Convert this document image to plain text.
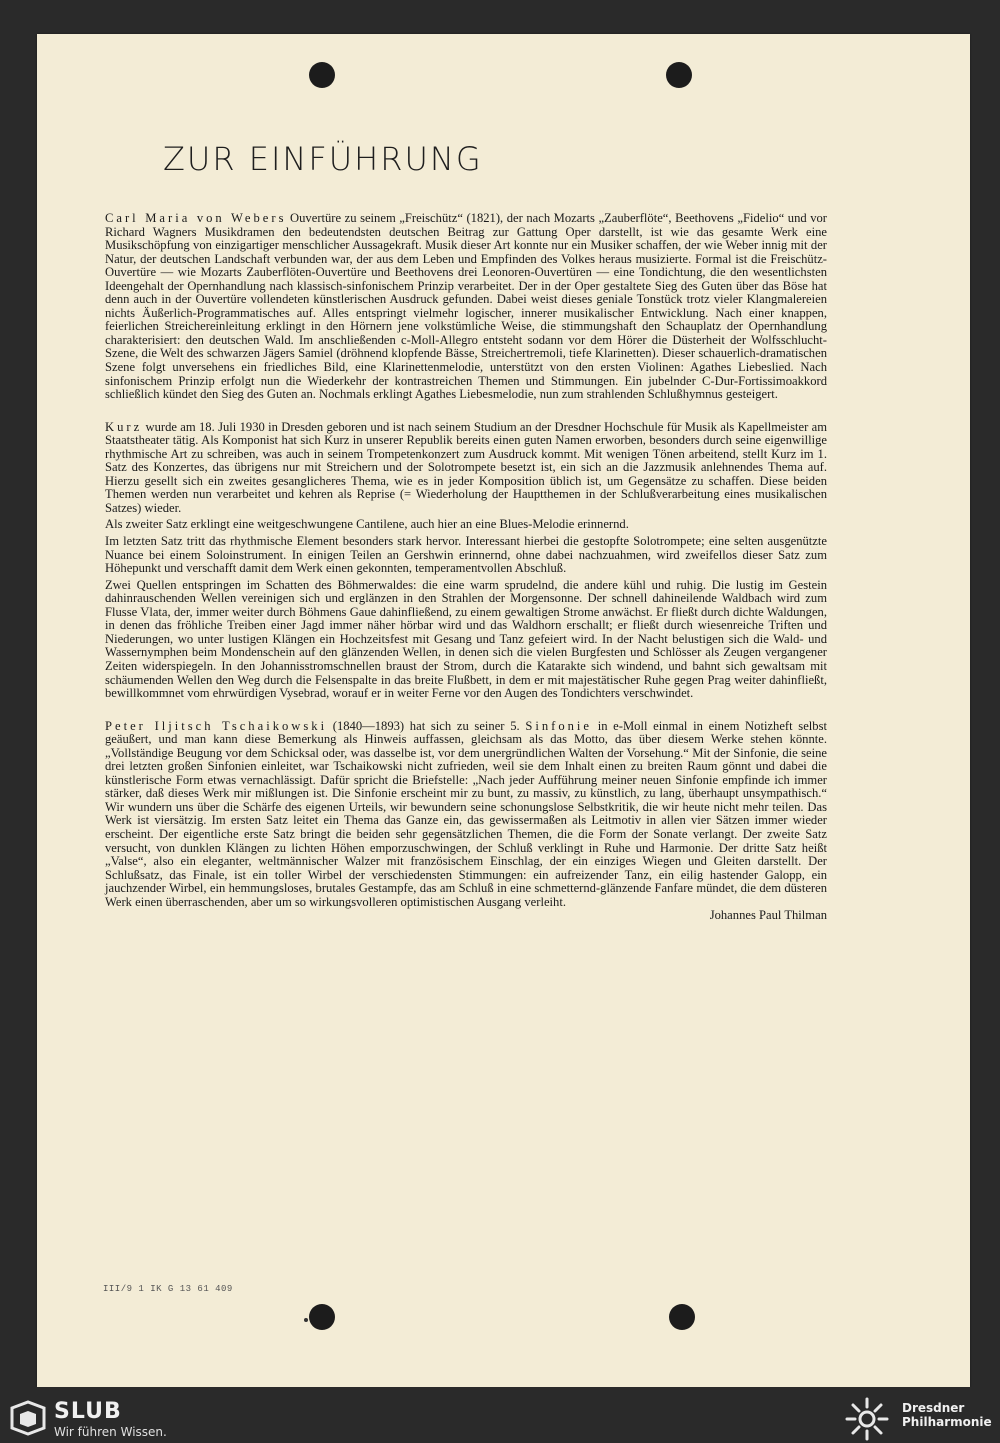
ZUR EINFÜHRUNG

Carl Maria von Webers Ouvertüre zu seinem „Freischütz“ (1821), der nach Mozarts „Zauberflöte“, Beethovens „Fidelio“ und vor Richard Wagners Musikdramen den bedeutendsten deutschen Beitrag zur Gattung Oper darstellt, ist wie das gesamte Werk eine Musikschöpfung von einzigartiger menschlicher Aussagekraft. Musik dieser Art konnte nur ein Musiker schaffen, der wie Weber innig mit der Natur, der deutschen Landschaft verbunden war, der aus dem Leben und Empfinden des Volkes heraus musizierte. Formal ist die Freischütz-Ouvertüre — wie Mozarts Zauberflöten-Ouvertüre und Beethovens drei Leonoren-Ouvertüren — eine Tondichtung, die den wesentlichsten Ideengehalt der Opernhandlung nach klassisch-sinfonischem Prinzip verarbeitet. Der in der Oper gestaltete Sieg des Guten über das Böse hat denn auch in der Ouvertüre vollendeten künstlerischen Ausdruck gefunden. Dabei weist dieses geniale Tonstück trotz vieler Klangmalereien nichts Äußerlich-Programmatisches auf. Alles entspringt vielmehr logischer, innerer musikalischer Entwicklung. Nach einer knappen, feierlichen Streichereinleitung erklingt in den Hörnern jene volkstümliche Weise, die stimmungshaft den Schauplatz der Opernhandlung charakterisiert: den deutschen Wald. Im anschließenden c-Moll-Allegro entsteht sodann vor dem Hörer die Düsterheit der Wolfsschlucht-Szene, die Welt des schwarzen Jägers Samiel (dröhnend klopfende Bässe, Streichertremoli, tiefe Klarinetten). Dieser schauerlich-dramatischen Szene folgt unversehens ein friedliches Bild, eine Klarinettenmelodie, unterstützt von den ersten Violinen: Agathes Liebeslied. Nach sinfonischem Prinzip erfolgt nun die Wiederkehr der kontrastreichen Themen und Stimmungen. Ein jubelnder C-Dur-Fortissimoakkord schließlich kündet den Sieg des Guten an. Nochmals erklingt Agathes Liebesmelodie, nun zum strahlenden Schlußhymnus gesteigert.

Kurz wurde am 18. Juli 1930 in Dresden geboren und ist nach seinem Studium an der Dresdner Hochschule für Musik als Kapellmeister am Staatstheater tätig. Als Komponist hat sich Kurz in unserer Republik bereits einen guten Namen erworben, besonders durch seine eigenwillige rhythmische Art zu schreiben, was auch in seinem Trompetenkonzert zum Ausdruck kommt. Mit wenigen Tönen arbeitend, stellt Kurz im 1. Satz des Konzertes, das übrigens nur mit Streichern und der Solotrompete besetzt ist, ein sich an die Jazzmusik anlehnendes Thema auf. Hierzu gesellt sich ein zweites gesanglicheres Thema, wie es in jeder Komposition üblich ist, um Gegensätze zu schaffen. Diese beiden Themen werden nun verarbeitet und kehren als Reprise (= Wiederholung der Hauptthemen in der Schlußverarbeitung eines musikalischen Satzes) wieder.

Als zweiter Satz erklingt eine weitgeschwungene Cantilene, auch hier an eine Blues-Melodie erinnernd.

Im letzten Satz tritt das rhythmische Element besonders stark hervor. Interessant hierbei die gestopfte Solotrompete; eine selten ausgenützte Nuance bei einem Soloinstrument. In einigen Teilen an Gershwin erinnernd, ohne dabei nachzuahmen, wird zweifellos dieser Satz zum Höhepunkt und verschafft damit dem Werk einen gekonnten, temperamentvollen Abschluß.

Zwei Quellen entspringen im Schatten des Böhmerwaldes: die eine warm sprudelnd, die andere kühl und ruhig. Die lustig im Gestein dahinrauschenden Wellen vereinigen sich und erglänzen in den Strahlen der Morgensonne. Der schnell dahineilende Waldbach wird zum Flusse Vlata, der, immer weiter durch Böhmens Gaue dahinfließend, zu einem gewaltigen Strome anwächst. Er fließt durch dichte Waldungen, in denen das fröhliche Treiben einer Jagd immer näher hörbar wird und das Waldhorn erschallt; er fließt durch wiesenreiche Triften und Niederungen, wo unter lustigen Klängen ein Hochzeitsfest mit Gesang und Tanz gefeiert wird. In der Nacht belustigen sich die Wald- und Wassernymphen beim Mondenschein auf den glänzenden Wellen, in denen sich die vielen Burgfesten und Schlösser als Zeugen vergangener Zeiten widerspiegeln. In den Johannisstromschnellen braust der Strom, durch die Katarakte sich windend, und bahnt sich gewaltsam mit schäumenden Wellen den Weg durch die Felsenspalte in das breite Flußbett, in dem er mit majestätischer Ruhe gegen Prag weiter dahinfließt, bewillkommnet vom ehrwürdigen Vysebrad, worauf er in weiter Ferne vor den Augen des Tondichters verschwindet.

Peter Iljitsch Tschaikowski (1840—1893) hat sich zu seiner 5. Sinfonie in e-Moll einmal in einem Notizheft selbst geäußert, und man kann diese Bemerkung als Hinweis auffassen, gleichsam als das Motto, das über diesem Werke stehen könnte. „Vollständige Beugung vor dem Schicksal oder, was dasselbe ist, vor dem unergründlichen Walten der Vorsehung.“ Mit der Sinfonie, die seine drei letzten großen Sinfonien einleitet, war Tschaikowski nicht zufrieden, weil sie dem Inhalt einen zu breiten Raum gönnt und dabei die künstlerische Form etwas vernachlässigt. Dafür spricht die Briefstelle: „Nach jeder Aufführung meiner neuen Sinfonie empfinde ich immer stärker, daß dieses Werk mir mißlungen ist. Die Sinfonie erscheint mir zu bunt, zu massiv, zu künstlich, zu lang, überhaupt unsympathisch.“ Wir wundern uns über die Schärfe des eigenen Urteils, wir bewundern seine schonungslose Selbstkritik, die wir heute nicht mehr teilen. Das Werk ist viersätzig. Im ersten Satz leitet ein Thema das Ganze ein, das gewissermaßen als Leitmotiv in allen vier Sätzen immer wieder erscheint. Der eigentliche erste Satz bringt die beiden sehr gegensätzlichen Themen, die die Form der Sonate verlangt. Der zweite Satz versucht, von dunklen Klängen zu lichten Höhen emporzuschwingen, der Schluß verklingt in Ruhe und Harmonie. Der dritte Satz heißt „Valse“, also ein eleganter, weltmännischer Walzer mit französischem Einschlag, der ein einziges Wiegen und Gleiten darstellt. Der Schlußsatz, das Finale, ist ein toller Wirbel der verschiedensten Stimmungen: ein aufreizender Tanz, ein eilig hastender Galopp, ein jauchzender Wirbel, ein hemmungsloses, brutales Gestampfe, das am Schluß in eine schmetternd-glänzende Fanfare mündet, die dem düsteren Werk einen überraschenden, aber um so wirkungsvolleren optimistischen Ausgang verleiht.

Johannes Paul Thilman

III/9 1 IK G 13 61 409
SLUB
Wir führen Wissen.
Dresdner
Philharmonie
